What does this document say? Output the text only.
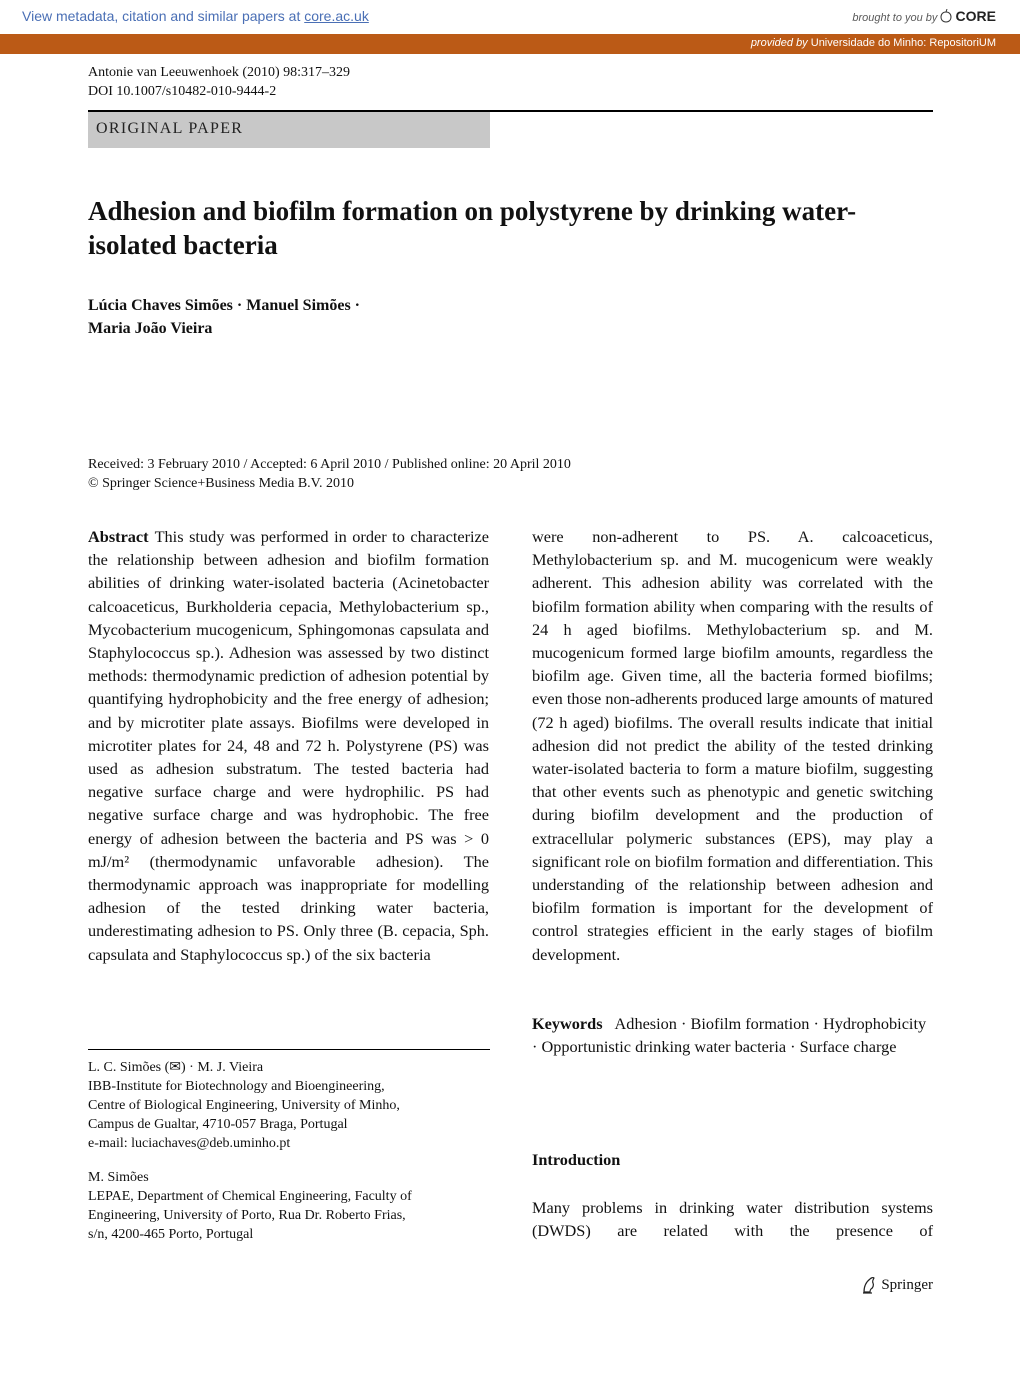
View metadata, citation and similar papers at core.ac.uk	brought to you by CORE
provided by Universidade do Minho: RepositoriUM
Antonie van Leeuwenhoek (2010) 98:317–329
DOI 10.1007/s10482-010-9444-2
ORIGINAL PAPER
Adhesion and biofilm formation on polystyrene by drinking water-isolated bacteria
Lúcia Chaves Simões · Manuel Simões ·
Maria João Vieira
Received: 3 February 2010 / Accepted: 6 April 2010 / Published online: 20 April 2010
© Springer Science+Business Media B.V. 2010

Abstract This study was performed in order to characterize the relationship between adhesion and biofilm formation abilities of drinking water-isolated bacteria (Acinetobacter calcoaceticus, Burkholderia cepacia, Methylobacterium sp., Mycobacterium mucogenicum, Sphingomonas capsulata and Staphylococcus sp.). Adhesion was assessed by two distinct methods: thermodynamic prediction of adhesion potential by quantifying hydrophobicity and the free energy of adhesion; and by microtiter plate assays. Biofilms were developed in microtiter plates for 24, 48 and 72 h. Polystyrene (PS) was used as adhesion substratum. The tested bacteria had negative surface charge and were hydrophilic. PS had negative surface charge and was hydrophobic. The free energy of adhesion between the bacteria and PS was > 0 mJ/m² (thermodynamic unfavorable adhesion). The thermodynamic approach was inappropriate for modelling adhesion of the tested drinking water bacteria, underestimating adhesion to PS. Only three (B. cepacia, Sph. capsulata and Staphylococcus sp.) of the six bacteria

were non-adherent to PS. A. calcoaceticus, Methylobacterium sp. and M. mucogenicum were weakly adherent. This adhesion ability was correlated with the biofilm formation ability when comparing with the results of 24 h aged biofilms. Methylobacterium sp. and M. mucogenicum formed large biofilm amounts, regardless the biofilm age. Given time, all the bacteria formed biofilms; even those non-adherents produced large amounts of matured (72 h aged) biofilms. The overall results indicate that initial adhesion did not predict the ability of the tested drinking water-isolated bacteria to form a mature biofilm, suggesting that other events such as phenotypic and genetic switching during biofilm development and the production of extracellular polymeric substances (EPS), may play a significant role on biofilm formation and differentiation. This understanding of the relationship between adhesion and biofilm formation is important for the development of control strategies efficient in the early stages of biofilm development.

Keywords Adhesion · Biofilm formation · Hydrophobicity · Opportunistic drinking water bacteria · Surface charge

L. C. Simões (✉) · M. J. Vieira

IBB-Institute for Biotechnology and Bioengineering,

Centre of Biological Engineering, University of Minho,

Campus de Gualtar, 4710-057 Braga, Portugal

e-mail: luciachaves@deb.uminho.pt

M. Simões

LEPAE, Department of Chemical Engineering, Faculty of

Engineering, University of Porto, Rua Dr. Roberto Frias,

s/n, 4200-465 Porto, Portugal

Introduction
Many problems in drinking water distribution systems (DWDS) are related with the presence of
Springer
